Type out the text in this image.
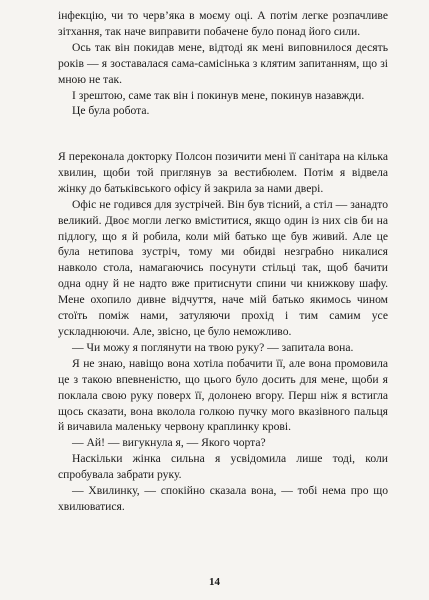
інфекцію, чи то черв’яка в моєму оці. А потім легке розпачливе зітхання, так наче виправити побачене було понад його сили.

Ось так він покидав мене, відтоді як мені виповнилося десять років — я зоставалася сама-самісінька з клятим запитанням, що зі мною не так.

І зрештою, саме так він і покинув мене, покинув назавжди.

Це була робота.

Я переконала докторку Полсон позичити мені її санітара на кілька хвилин, щоби той приглянув за вестибюлем. Потім я відвела жінку до батьківського офісу й закрила за нами двері.

Офіс не годився для зустрічей. Він був тісний, а стіл — занадто великий. Двоє могли легко вміститися, якщо один із них сів би на підлогу, що я й робила, коли мій батько ще був живий. Але це була нетипова зустріч, тому ми обидві незграбно никалися навколо стола, намагаючись посунути стільці так, щоб бачити одна одну й не надто вже притиснути спини чи книжкову шафу. Мене охопило дивне відчуття, наче мій батько якимось чином стоїть поміж нами, затуляючи прохід і тим самим усе ускладнюючи. Але, звісно, це було неможливо.

— Чи можу я поглянути на твою руку? — запитала вона.

Я не знаю, навіщо вона хотіла побачити її, але вона промовила це з такою впевненістю, що цього було досить для мене, щоби я поклала свою руку поверх її, долонею вгору. Перш ніж я встигла щось сказати, вона вколола голкою пучку мого вказівного пальця й вичавила маленьку червону краплинку крові.

— Ай! — вигукнула я, — Якого чорта?

Наскільки жінка сильна я усвідомила лише тоді, коли спробувала забрати руку.

— Хвилинку, — спокійно сказала вона, — тобі нема про що хвилюватися.

14
